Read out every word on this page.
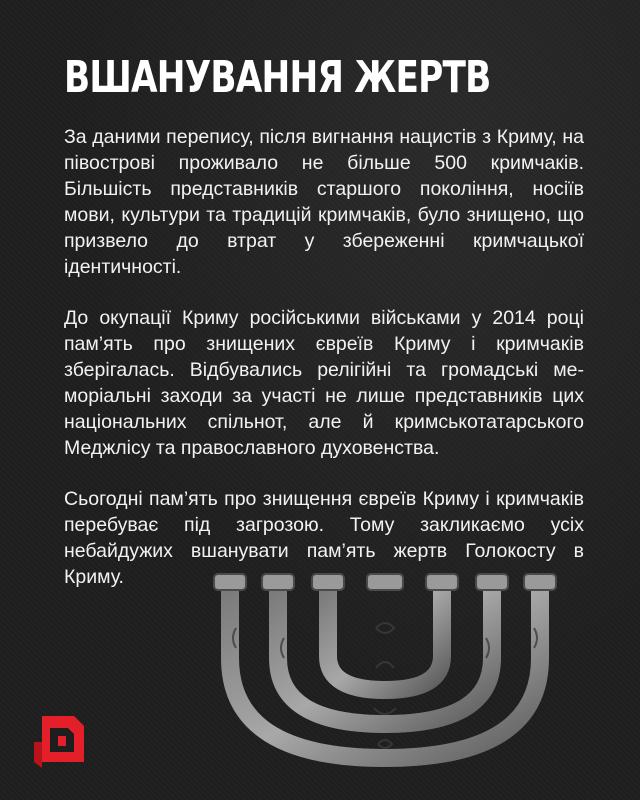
ВШАНУВАННЯ ЖЕРТВ

За даними перепису, після вигнання нацистів з Криму, на півострові проживало не більше 500 кримчаків. Більшість представників старшого покоління, носіїв мови, культури та традицій кримчаків, було знищено, що призвело до втрат у збереженні кримчацької ідентичності.

До окупації Криму російськими військами у 2014 році пам’ять про знищених євреїв Криму і кримчаків зберігалась. Відбувались релігійні та громадські меморіальні заходи за участі не лише представників цих національних спільнот, але й кримськотатарського Меджлісу та православного духовенства.

Сьогодні пам’ять про знищення євреїв Криму і кримчаків перебуває під загрозою. Тому закликаємо усіх небайдужих вшанувати пам’ять жертв Голокосту в Криму.
